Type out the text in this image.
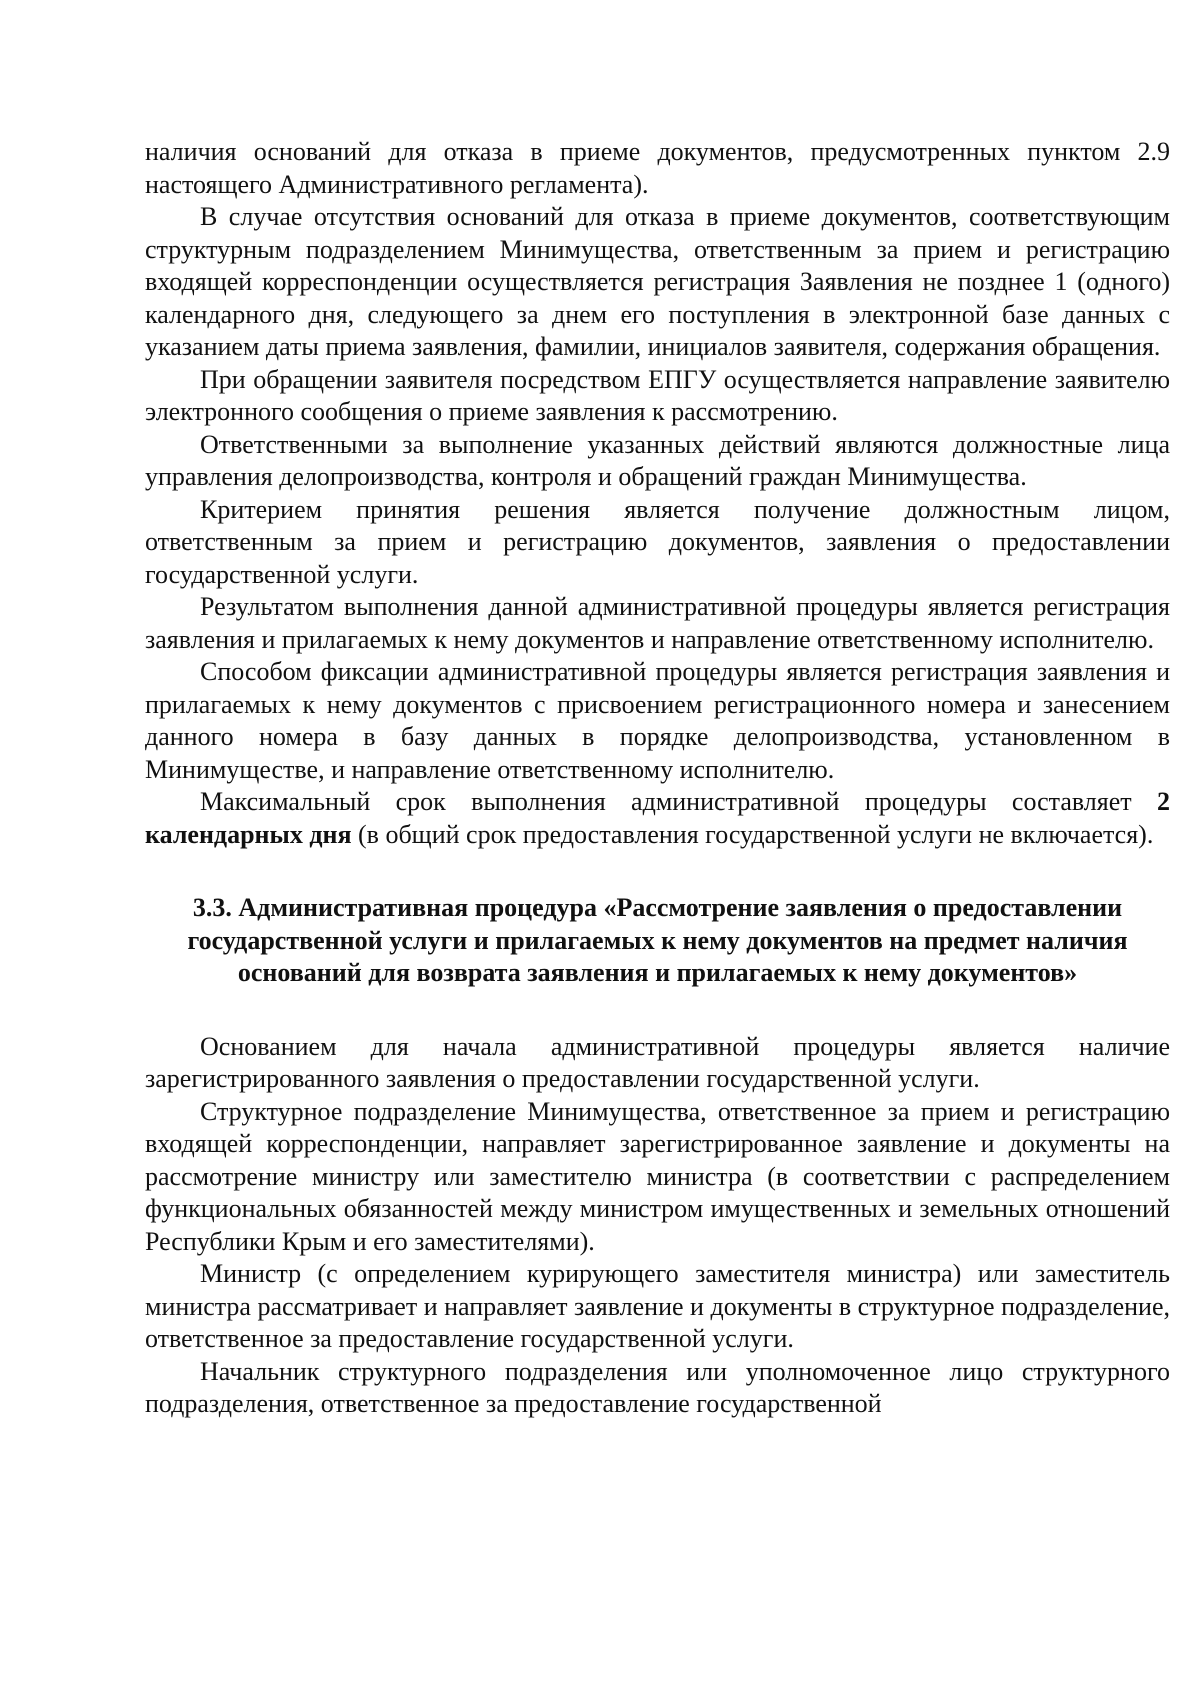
наличия оснований для отказа в приеме документов, предусмотренных пунктом 2.9 настоящего Административного регламента).

В случае отсутствия оснований для отказа в приеме документов, соответствующим структурным подразделением Минимущества, ответственным за прием и регистрацию входящей корреспонденции осуществляется регистрация Заявления не позднее 1 (одного) календарного дня, следующего за днем его поступления в электронной базе данных с указанием даты приема заявления, фамилии, инициалов заявителя, содержания обращения.

При обращении заявителя посредством ЕПГУ осуществляется направление заявителю электронного сообщения о приеме заявления к рассмотрению.

Ответственными за выполнение указанных действий являются должностные лица управления делопроизводства, контроля и обращений граждан Минимущества.

Критерием принятия решения является получение должностным лицом, ответственным за прием и регистрацию документов, заявления о предоставлении государственной услуги.

Результатом выполнения данной административной процедуры является регистрация заявления и прилагаемых к нему документов и направление ответственному исполнителю.

Способом фиксации административной процедуры является регистрация заявления и прилагаемых к нему документов с присвоением регистрационного номера и занесением данного номера в базу данных в порядке делопроизводства, установленном в Минимуществе, и направление ответственному исполнителю.

Максимальный срок выполнения административной процедуры составляет 2 календарных дня (в общий срок предоставления государственной услуги не включается).

3.3. Административная процедура «Рассмотрение заявления о предоставлении государственной услуги и прилагаемых к нему документов на предмет наличия оснований для возврата заявления и прилагаемых к нему документов»

Основанием для начала административной процедуры является наличие зарегистрированного заявления о предоставлении государственной услуги.

Структурное подразделение Минимущества, ответственное за прием и регистрацию входящей корреспонденции, направляет зарегистрированное заявление и документы на рассмотрение министру или заместителю министра (в соответствии с распределением функциональных обязанностей между министром имущественных и земельных отношений Республики Крым и его заместителями).

Министр (с определением курирующего заместителя министра) или заместитель министра рассматривает и направляет заявление и документы в структурное подразделение, ответственное за предоставление государственной услуги.

Начальник структурного подразделения или уполномоченное лицо структурного подразделения, ответственное за предоставление государственной
